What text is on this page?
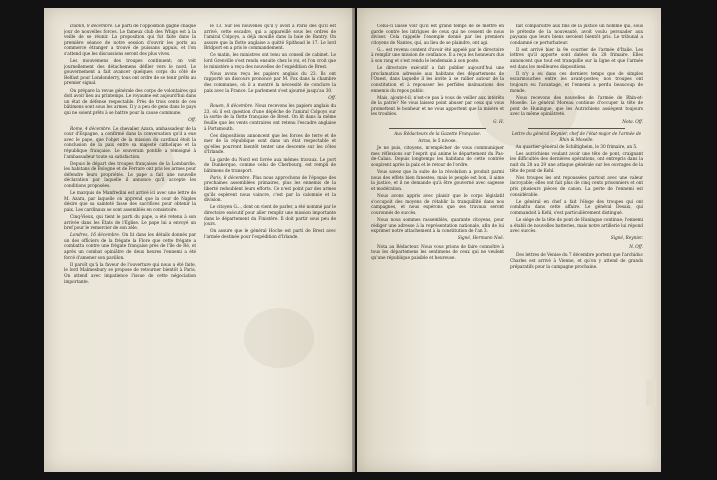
Dublin, 8 décembre. Le parti de l'opposition gagne chaque jour de nouvelles forces. Le fameux club des Whigs est à la veille de se réunir. La proposition qui fut faite dans la première séance de notre session d'ouvrir les ports au commerce étranger a trouvé de puissans appuis, et l'on s'attend que les discussions seront des plus vives.

Les mouvemens des troupes continuent; on voit journellement des détachemens défiler vers le nord. Le gouvernement a fait avancer quelques corps du côté de Belfast pour Londonderry, tous ont ordre de se tenir prêts au premier signal.

On prépare la revue générale des corps de volontaires qui doit avoir lieu au printemps. Le royaume est aujourd'hui dans un état de défense respectable. Près de trois cents de ces bâtimens sont sous les armes. Il y a peu de gens dans le pays qui ne soient prêts à se battre pour la cause commune.

Off.

Rome, 4 décembre. Le chevalier Azara, ambassadeur de la cour d'Espagne, a confirmé dans la conversation qu'il a eue avec le pape, que l'objet de la mission du cardinal étoit la conclusion de la paix entre sa majesté catholique et la république française. Le souverain pontife a témoigné à l'ambassadeur toute sa satisfaction.

Depuis le départ des troupes françaises de la Lombardie, les habitans de Bologne et de Ferrare ont pris les armes pour défendre leurs propriétés. Le pape a fait une nouvelle déclaration par laquelle il annonce qu'il accepte les conditions proposées.

Le marquis de Manfredini est arrivé ici avec une lettre de M. Azara, par laquelle on apprend que la cour de Naples désire que sa sainteté fasse des sacrifices pour obtenir la paix. Les cardinaux se sont assemblés en consistoire.

Cinq-Vieux, qui tient le parti du pape, a été retenu à son arrivée dans les États de l'Église. Le pape lui a envoyé un bref pour le remercier de son zèle.

Londres, 16 décembre. On lit dans les détails donnés par un des officiers de la frégate la Flore que cette frégate a combattu contre une frégate française près de l'île de Ré, et après un combat opiniâtre de deux heures l'ennemi a été forcé d'amener son pavillon.

Il paroît qu'à la faveur de l'ouverture qui nous a été faite, le lord Malmesbury se propose de retourner bientôt à Paris. On attend avec impatience l'issue de cette négociation importante.

le 13. Sur les nouvelles qu'il y avoit à Paris dès qu'il est arrivé, cette escadre, qui a appareillé sous les ordres de l'amiral Colpoys, a déjà mouillé dans la baie de Bantry. On assure que la flotte anglaise a quitté Spithead le 17. Le lord Bridport en a pris le commandement.

Ce matin, les ministres ont tenu un conseil de cabinet. Le lord Grenville s'est rendu ensuite chez le roi, et l'on croit que le ministère a reçu des nouvelles de l'expédition de Brest.

Nous avons reçu les papiers anglais du 23. Ils ont rapporté un discours prononcé par M. Fox dans la chambre des communes, où il a montré la nécessité de conclure la paix avec la France. Le parlement s'est ajourné jusqu'au 30.

Off.

Rouen, 8 décembre. Nous recevons les papiers anglais du 23, où il est question d'une dépêche de l'amiral Colpoys sur la sortie de la flotte française de Brest. On lit dans la même feuille que les vents contraires ont retenu l'escadre anglaise à Portsmouth.

Ces dispositions annoncent que les forces de terre et de mer de la république sont dans un état respectable et qu'elles pourront bientôt tenter une descente sur les côtes d'Irlande.

La garde du Nord est livrée aux mêmes travaux. Le port de Dunkerque, comme celui de Cherbourg, est rempli de bâtimens de transport.

Paris, 8 décembre. Plus nous approchons de l'époque des prochaines assemblées primaires, plus les ennemis de la liberté redoublent leurs efforts. Ce n'est point par des armes qu'ils espèrent nous vaincre, c'est par la calomnie et la division.

Le citoyen G..., dont on vient de parler, a été nommé par le directoire exécutif pour aller remplir une mission importante dans le département du Finistère. Il doit partir sous peu de jours.

On assure que le général Hoche est parti de Brest avec l'armée destinée pour l'expédition d'Irlande.

Celui-ci laisse voir qu'il est grand temps de se mettre en garde contre les intrigues de ceux qui ne cessent de nous diviser. Cela rappelle l'exemple donné par les premiers citoyens de Nantes, qui, au lieu de se plaindre, ont agi.

G... est revenu content d'avoir été appelé par le directoire à remplir une mission de confiance. Il a reçu les honneurs dus à son rang et s'est rendu le lendemain à son poste.

Le directoire exécutif a fait publier aujourd'hui une proclamation adressée aux habitans des départemens de l'Ouest, dans laquelle il les invite à se rallier autour de la constitution et à repousser les perfides insinuations des ennemis du repos public.

Mais, ajoute-t-il, n'est-ce pas à vous de veiller aux intérêts de la patrie? Ne vous laissez point abuser par ceux qui vous promettent le bonheur et ne vous apportent que la misère et les troubles.

G. H.

Aux Rédacteurs de la Gazette Française.

Arras, le 5 nivose.

Je ne puis, citoyens, m'empêcher de vous communiquer mes réflexions sur l'esprit qui anime le département du Pas-de-Calais. Depuis longtemps les habitans de cette contrée soupirent après la paix et le retour de l'ordre.

Vous savez que la suite de la révolution a produit parmi nous des effets bien funestes; mais le peuple est bon, il aime la justice, et il ne demande qu'à être gouverné avec sagesse et modération.

Nous avons appris avec plaisir que le corps législatif s'occupoit des moyens de rétablir la tranquillité dans nos campagnes, et nous espérons que ses travaux seront couronnés de succès.

Nous nous sommes rassemblés, quarante citoyens, pour rédiger une adresse à la représentation nationale, afin de lui exprimer notre attachement à la constitution de l'an 3.

Signé, Hermann Noë.

Nota au Rédacteur. Nous vous prions de faire connoître à tous les départemens les sentimens de ceux qui ne veulent qu'une république paisible et heureuse.

fait comparoître aux fins de la justice un homme qui, sous le prétexte de la nouveauté, avoit voulu persuader aux paysans que leurs biens seroient bientôt pris. Le tribunal a condamné ce perturbateur.

Il est arrivé hier la 9e courrier de l'armée d'Italie. Les lettres qu'il apporte sont datées du 28 frimaire. Elles annoncent que tout est tranquille sur la ligne et que l'armée est dans les meilleures dispositions.

Il n'y a eu dans ces derniers temps que de simples escarmouches entre les avant-postes; nos troupes ont toujours eu l'avantage, et l'ennemi a perdu beaucoup de monde.

Nous recevons des nouvelles de l'armée de Rhin-et-Moselle. Le général Moreau continue d'occuper la tête de pont de Huningue, que les Autrichiens assiègent toujours avec la même opiniâtreté.

Nota. Off.

Lettre du général Reynier, chef de l'état-major de l'armée de Rhin & Moselle.

Au quartier-général de Schiltigheim, le 30 frimaire, an 5.

Les autrichiens voulant avoir une tête de pont, craignant les difficultés des dernières opérations, ont entrepris dans la nuit du 28 au 29 une attaque générale sur les ouvrages de la tête de pont de Kehl.

Nos troupes les ont repoussées partout avec une valeur incroyable; elles ont fait plus de cinq cents prisonniers et ont pris plusieurs pièces de canon. La perte de l'ennemi est considérable.

Le général en chef a fait l'éloge des troupes qui ont combattu dans cette affaire. Le général Desaix, qui commandoit à Kehl, s'est particulièrement distingué.

Le siège de la tête de pont de Huningue continue; l'ennemi a établi de nouvelles batteries, mais notre artillerie lui répond avec succès.

Signé, Reynier.

N. Off.

Des lettres de Venise du 7 décembre portent que l'archiduc Charles est arrivé à Vienne, et qu'on y attend de grands préparatifs pour la campagne prochaine.
